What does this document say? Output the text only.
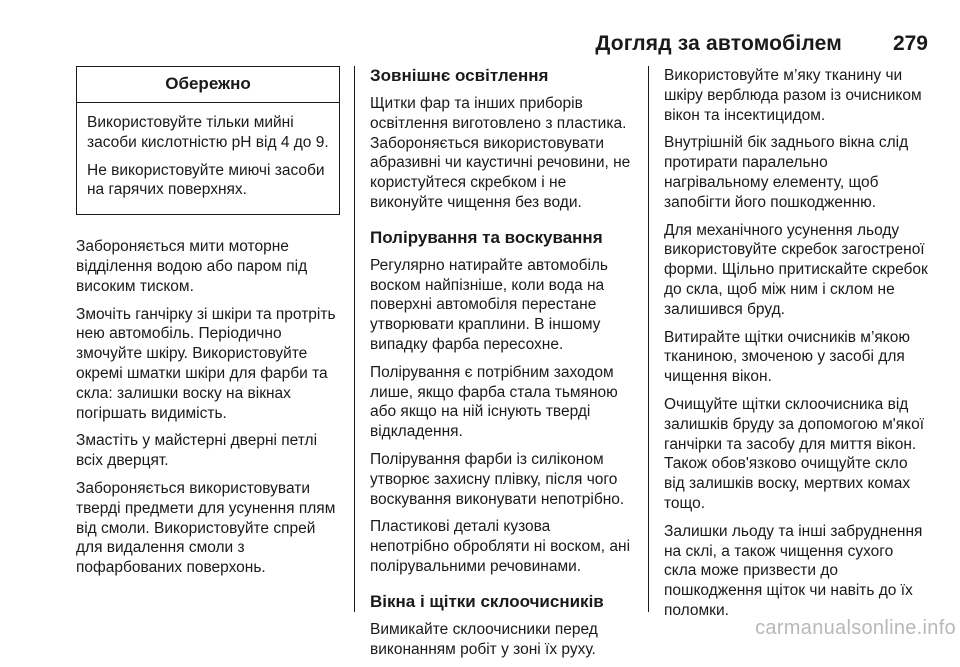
Догляд за автомобілем 279
Обережно

Використовуйте тільки мийні засоби кислотністю pH від 4 до 9.

Не використовуйте миючі засоби на гарячих поверхнях.

Забороняється мити моторне відділення водою або паром під високим тиском.

Змочіть ганчірку зі шкіри та протріть нею автомобіль. Періодично змочуйте шкіру. Використовуйте окремі шматки шкіри для фарби та скла: залишки воску на вікнах погіршать видимість.

Змастіть у майстерні дверні петлі всіх дверцят.

Забороняється використовувати тверді предмети для усунення плям від смоли. Використовуйте спрей для видалення смоли з пофарбованих поверхонь.

Зовнішнє освітлення

Щитки фар та інших приборів освітлення виготовлено з пластика. Забороняється використовувати абразивні чи каустичні речовини, не користуйтеся скребком і не виконуйте чищення без води.

Полірування та воскування

Регулярно натирайте автомобіль воском найпізніше, коли вода на поверхні автомобіля перестане утворювати краплини. В іншому випадку фарба пересохне.

Полірування є потрібним заходом лише, якщо фарба стала тьмяною або якщо на ній існують тверді відкладення.

Полірування фарби із силіконом утворює захисну плівку, після чого воскування виконувати непотрібно.

Пластикові деталі кузова непотрібно обробляти ні воском, ані полірувальними речовинами.

Вікна і щітки склоочисників

Вимикайте склоочисники перед виконанням робіт у зоні їх руху.

Використовуйте м’яку тканину чи шкіру верблюда разом із очисником вікон та інсектицидом.

Внутрішній бік заднього вікна слід протирати паралельно нагрівальному елементу, щоб запобігти його пошкодженню.

Для механічного усунення льоду використовуйте скребок загостреної форми. Щільно притискайте скребок до скла, щоб між ним і склом не залишився бруд.

Витирайте щітки очисників м’якою тканиною, змоченою у засобі для чищення вікон.

Очищуйте щітки склоочисника від залишків бруду за допомогою м'якої ганчірки та засобу для миття вікон. Також обов'язково очищуйте скло від залишків воску, мертвих комах тощо.

Залишки льоду та інші забруднення на склі, а також чищення сухого скла може призвести до пошкодження щіток чи навіть до їх поломки.

carmanualsonline.info
